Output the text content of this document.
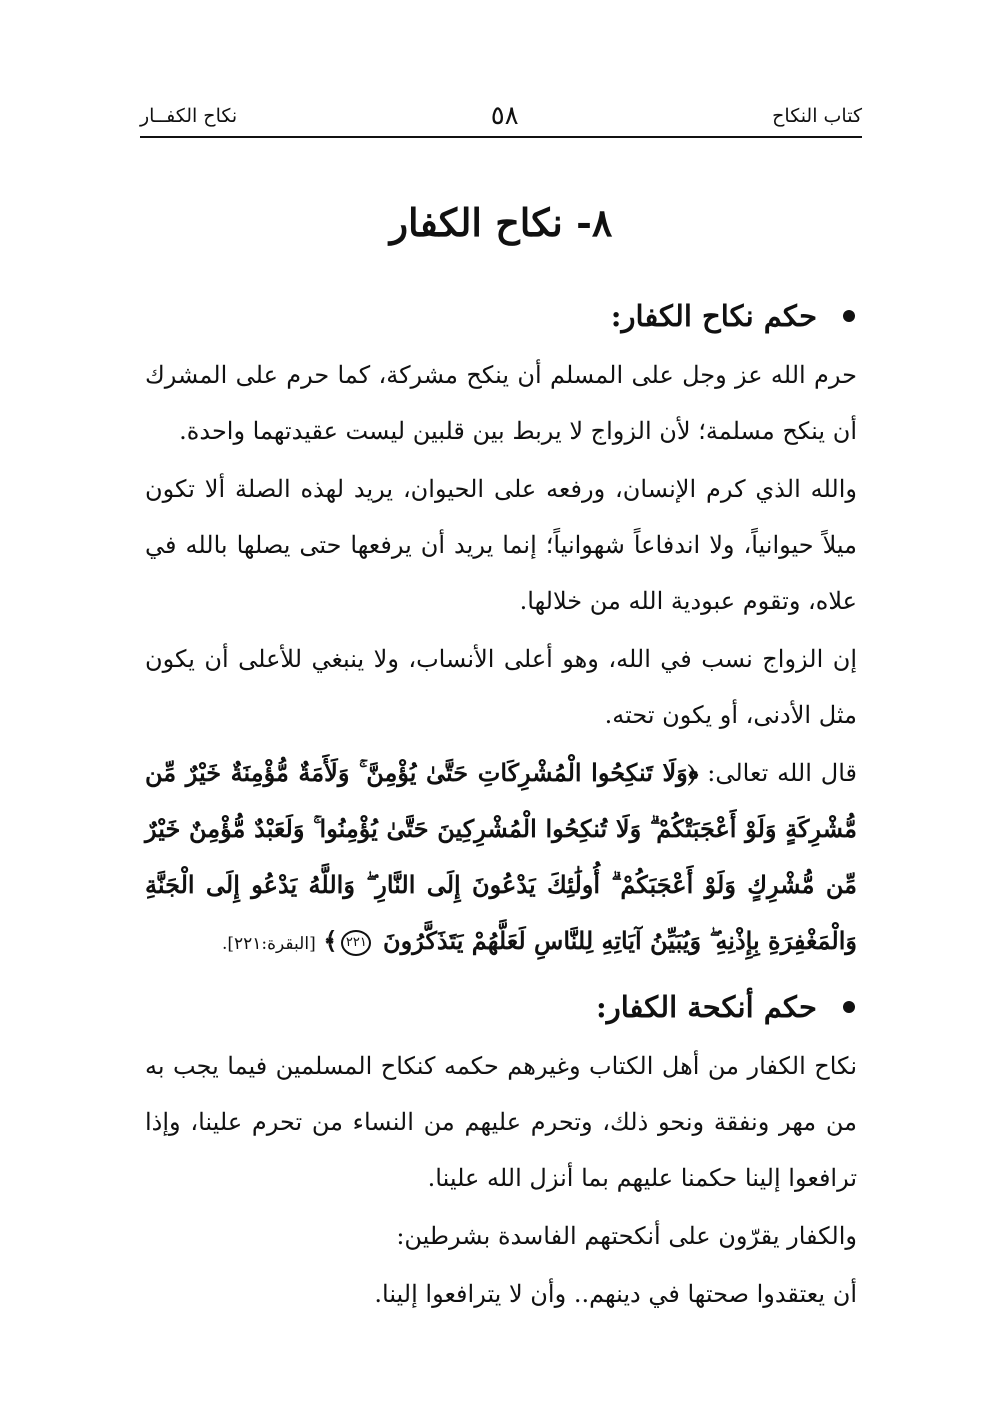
كتاب النكاح
٥٨
نكاح الكفــار
٨- نكاح الكفار
حكم نكاح الكفار:

حرم الله عز وجل على المسلم أن ينكح مشركة، كما حرم على المشرك أن ينكح مسلمة؛ لأن الزواج لا يربط بين قلبين ليست عقيدتهما واحدة.

والله الذي كرم الإنسان، ورفعه على الحيوان، يريد لهذه الصلة ألا تكون ميلاً حيوانياً، ولا اندفاعاً شهوانياً؛ إنما يريد أن يرفعها حتى يصلها بالله في علاه، وتقوم عبودية الله من خلالها.

إن الزواج نسب في الله، وهو أعلى الأنساب، ولا ينبغي للأعلى أن يكون مثل الأدنى، أو يكون تحته.

قال الله تعالى: ﴿وَلَا تَنكِحُوا الْمُشْرِكَاتِ حَتَّىٰ يُؤْمِنَّ ۚ وَلَأَمَةٌ مُّؤْمِنَةٌ خَيْرٌ مِّن مُّشْرِكَةٍ وَلَوْ أَعْجَبَتْكُمْ ۗ وَلَا تُنكِحُوا الْمُشْرِكِينَ حَتَّىٰ يُؤْمِنُوا ۚ وَلَعَبْدٌ مُّؤْمِنٌ خَيْرٌ مِّن مُّشْرِكٍ وَلَوْ أَعْجَبَكُمْ ۗ أُولَٰئِكَ يَدْعُونَ إِلَى النَّارِ ۖ وَاللَّهُ يَدْعُو إِلَى الْجَنَّةِ وَالْمَغْفِرَةِ بِإِذْنِهِ ۖ وَيُبَيِّنُ آيَاتِهِ لِلنَّاسِ لَعَلَّهُمْ يَتَذَكَّرُونَ ٢٢١﴾ [البقرة:٢٢١].

حكم أنكحة الكفار:

نكاح الكفار من أهل الكتاب وغيرهم حكمه كنكاح المسلمين فيما يجب به من مهر ونفقة ونحو ذلك، وتحرم عليهم من النساء من تحرم علينا، وإذا ترافعوا إلينا حكمنا عليهم بما أنزل الله علينا.

والكفار يقرّون على أنكحتهم الفاسدة بشرطين:

أن يعتقدوا صحتها في دينهم.. وأن لا يترافعوا إلينا.
